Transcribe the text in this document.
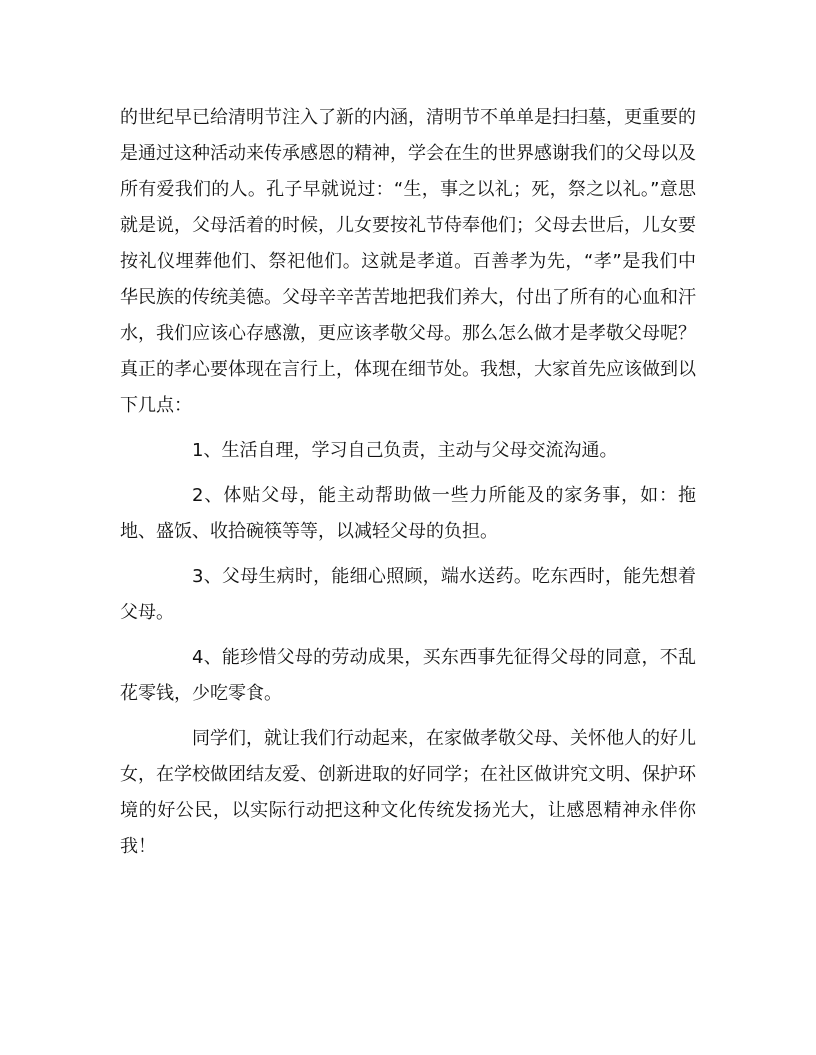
的世纪早已给清明节注入了新的内涵，清明节不单单是扫扫墓，更重要的是通过这种活动来传承感恩的精神，学会在生的世界感谢我们的父母以及所有爱我们的人。孔子早就说过：“生，事之以礼；死，祭之以礼。”意思就是说，父母活着的时候，儿女要按礼节侍奉他们；父母去世后，儿女要按礼仪埋葬他们、祭祀他们。这就是孝道。百善孝为先，“孝”是我们中华民族的传统美德。父母辛辛苦苦地把我们养大，付出了所有的心血和汗水，我们应该心存感激，更应该孝敬父母。那么怎么做才是孝敬父母呢？真正的孝心要体现在言行上，体现在细节处。我想，大家首先应该做到以下几点：

1、生活自理，学习自己负责，主动与父母交流沟通。

2、体贴父母，能主动帮助做一些力所能及的家务事，如：拖地、盛饭、收拾碗筷等等，以减轻父母的负担。

3、父母生病时，能细心照顾，端水送药。吃东西时，能先想着父母。

4、能珍惜父母的劳动成果，买东西事先征得父母的同意，不乱花零钱，少吃零食。

同学们，就让我们行动起来，在家做孝敬父母、关怀他人的好儿女，在学校做团结友爱、创新进取的好同学；在社区做讲究文明、保护环境的好公民，以实际行动把这种文化传统发扬光大，让感恩精神永伴你我！
